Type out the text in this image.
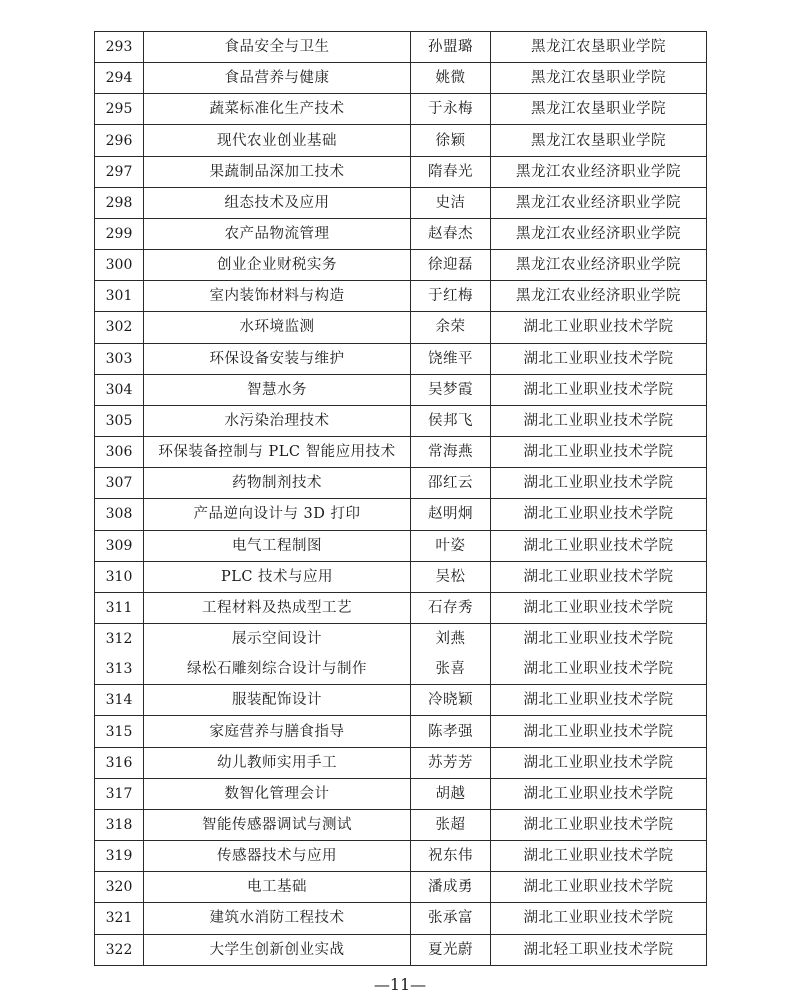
293	食品安全与卫生	孙盟璐	黑龙江农垦职业学院
294	食品营养与健康	姚微	黑龙江农垦职业学院
295	蔬菜标准化生产技术	于永梅	黑龙江农垦职业学院
296	现代农业创业基础	徐颖	黑龙江农垦职业学院
297	果蔬制品深加工技术	隋春光	黑龙江农业经济职业学院
298	组态技术及应用	史洁	黑龙江农业经济职业学院
299	农产品物流管理	赵春杰	黑龙江农业经济职业学院
300	创业企业财税实务	徐迎磊	黑龙江农业经济职业学院
301	室内装饰材料与构造	于红梅	黑龙江农业经济职业学院
302	水环境监测	余荣	湖北工业职业技术学院
303	环保设备安装与维护	饶维平	湖北工业职业技术学院
304	智慧水务	吴梦霞	湖北工业职业技术学院
305	水污染治理技术	侯邦飞	湖北工业职业技术学院
306	环保装备控制与 PLC 智能应用技术	常海燕	湖北工业职业技术学院
307	药物制剂技术	邵红云	湖北工业职业技术学院
308	产品逆向设计与 3D 打印	赵明炯	湖北工业职业技术学院
309	电气工程制图	叶姿	湖北工业职业技术学院
310	PLC 技术与应用	吴松	湖北工业职业技术学院
311	工程材料及热成型工艺	石存秀	湖北工业职业技术学院
312	展示空间设计	刘燕	湖北工业职业技术学院
313	绿松石雕刻综合设计与制作	张喜	湖北工业职业技术学院
314	服装配饰设计	冷晓颖	湖北工业职业技术学院
315	家庭营养与膳食指导	陈孝强	湖北工业职业技术学院
316	幼儿教师实用手工	苏芳芳	湖北工业职业技术学院
317	数智化管理会计	胡越	湖北工业职业技术学院
318	智能传感器调试与测试	张超	湖北工业职业技术学院
319	传感器技术与应用	祝东伟	湖北工业职业技术学院
320	电工基础	潘成勇	湖北工业职业技术学院
321	建筑水消防工程技术	张承富	湖北工业职业技术学院
322	大学生创新创业实战	夏光蔚	湖北轻工职业技术学院
—11—
